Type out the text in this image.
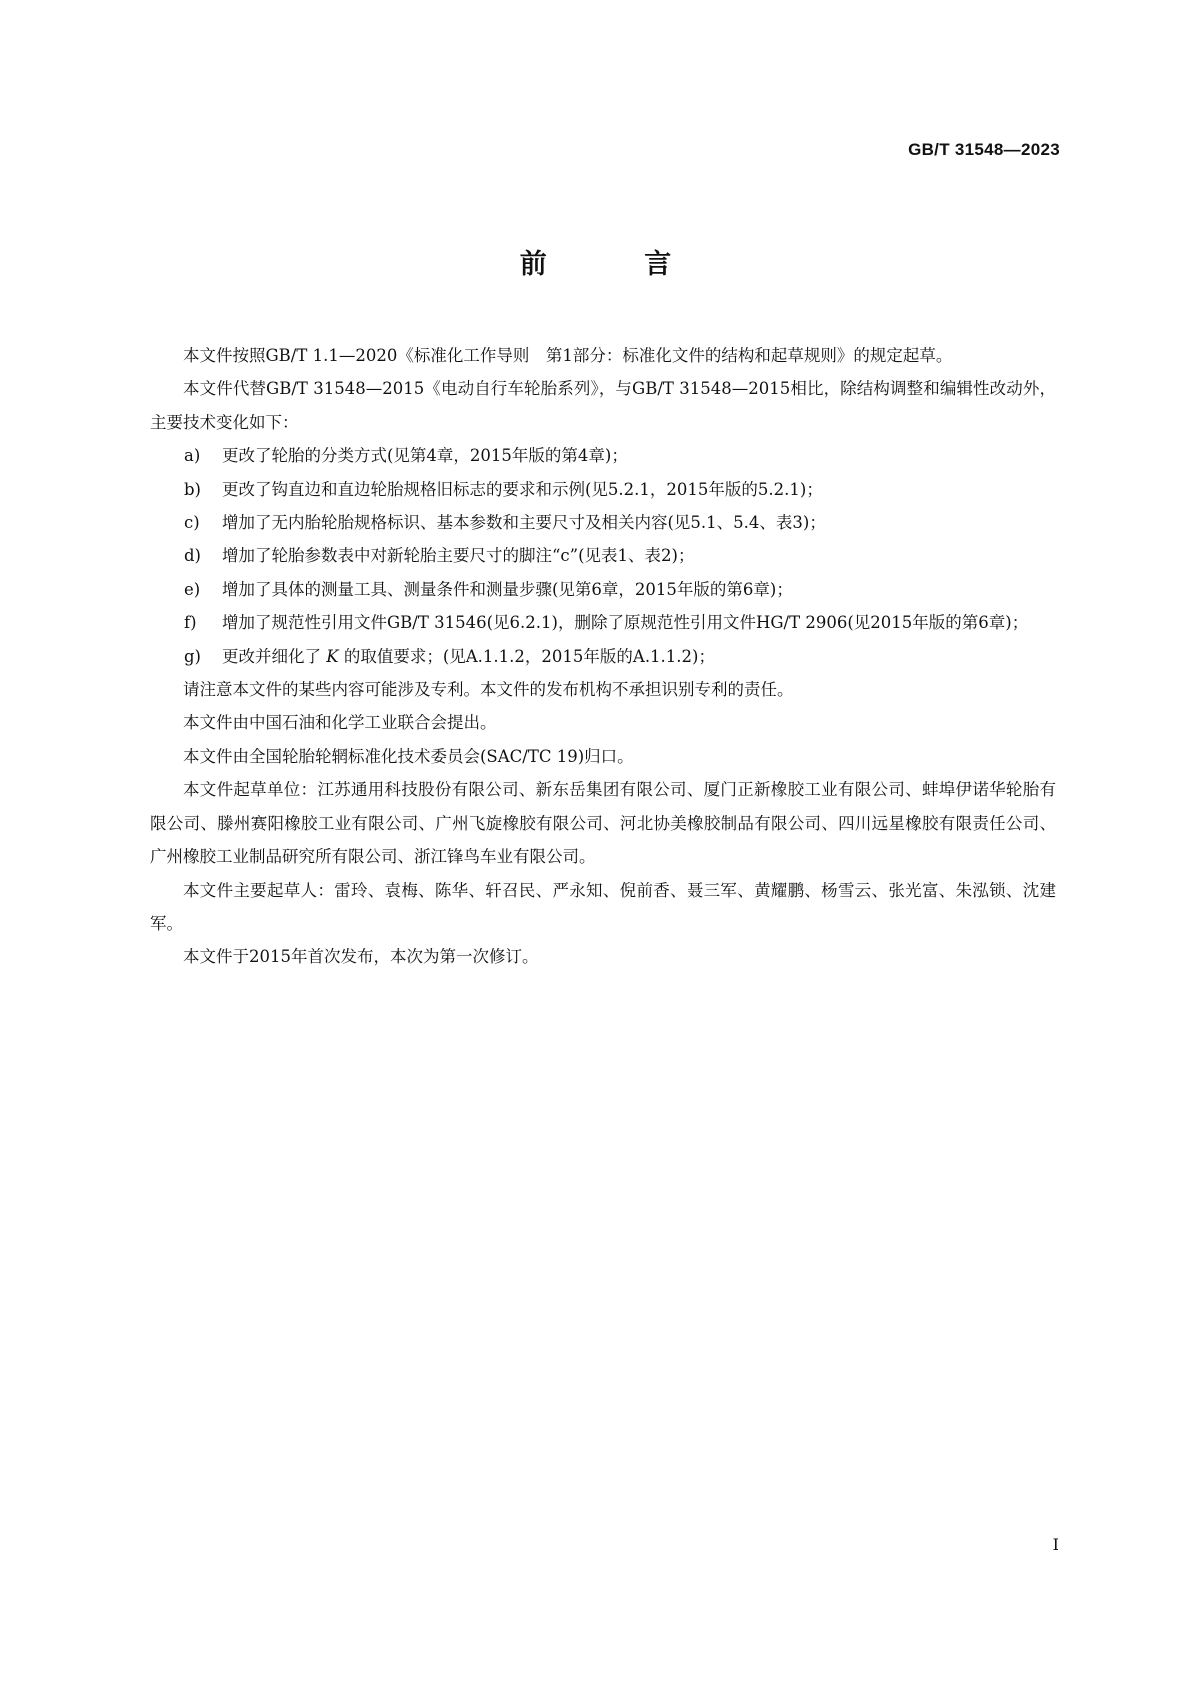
GB/T 31548—2023
前 言

本文件按照GB/T 1.1—2020《标准化工作导则　第1部分：标准化文件的结构和起草规则》的规定起草。

本文件代替GB/T 31548—2015《电动自行车轮胎系列》，与GB/T 31548—2015相比，除结构调整和编辑性改动外，主要技术变化如下：

a)	更改了轮胎的分类方式(见第4章，2015年版的第4章)；
b)	更改了钩直边和直边轮胎规格旧标志的要求和示例(见5.2.1，2015年版的5.2.1)；
c)	增加了无内胎轮胎规格标识、基本参数和主要尺寸及相关内容(见5.1、5.4、表3)；
d)	增加了轮胎参数表中对新轮胎主要尺寸的脚注“c”(见表1、表2)；
e)	增加了具体的测量工具、测量条件和测量步骤(见第6章，2015年版的第6章)；
f)	增加了规范性引用文件GB/T 31546(见6.2.1)，删除了原规范性引用文件HG/T 2906(见2015年版的第6章)；
g)	更改并细化了 K 的取值要求；(见A.1.1.2，2015年版的A.1.1.2)；

请注意本文件的某些内容可能涉及专利。本文件的发布机构不承担识别专利的责任。

本文件由中国石油和化学工业联合会提出。

本文件由全国轮胎轮辋标准化技术委员会(SAC/TC 19)归口。

本文件起草单位：江苏通用科技股份有限公司、新东岳集团有限公司、厦门正新橡胶工业有限公司、蚌埠伊诺华轮胎有限公司、滕州赛阳橡胶工业有限公司、广州飞旋橡胶有限公司、河北协美橡胶制品有限公司、四川远星橡胶有限责任公司、广州橡胶工业制品研究所有限公司、浙江锋鸟车业有限公司。

本文件主要起草人：雷玲、袁梅、陈华、轩召民、严永知、倪前香、聂三军、黄耀鹏、杨雪云、张光富、朱泓锁、沈建军。

本文件于2015年首次发布，本次为第一次修订。

I
